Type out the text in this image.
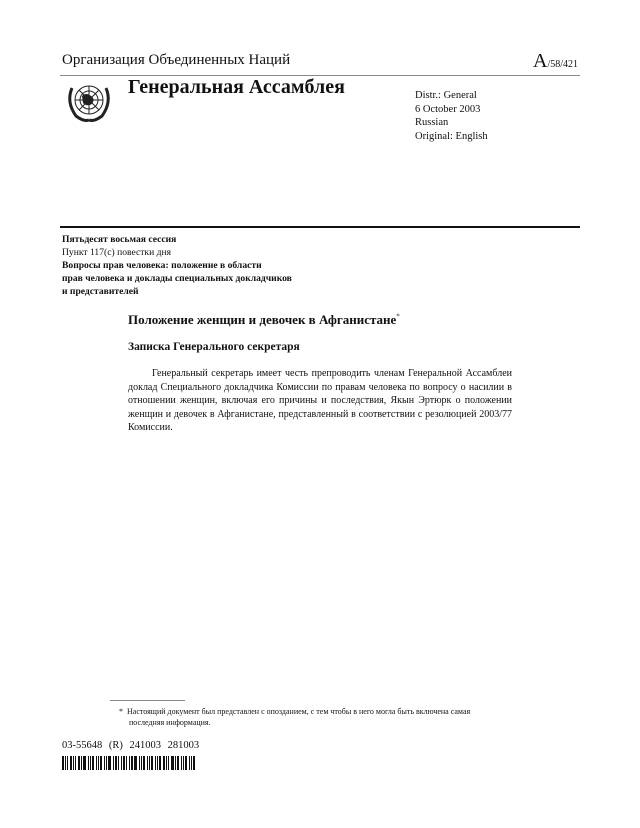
Организация Объединенных Наций	A/58/421
Генеральная Ассамблея	Distr.: General
6 October 2003
Russian
Original: English
Пятьдесят восьмая сессия
Пункт 117(c) повестки дня
Вопросы прав человека: положение в области
прав человека и доклады специальных докладчиков
и представителей
Положение женщин и девочек в Афганистане*
Записка Генерального секретаря
Генеральный секретарь имеет честь препроводить членам Генеральной Ассамблеи доклад Специального докладчика Комиссии по правам человека по вопросу о насилии в отношении женщин, включая его причины и последствия, Якын Эртюрк о положении женщин и девочек в Афганистане, представленный в соответствии с резолюцией 2003/77 Комиссии.
* Настоящий документ был представлен с опозданием, с тем чтобы в него могла быть включена самая последняя информация.
03-55648 (R) 241003 281003
